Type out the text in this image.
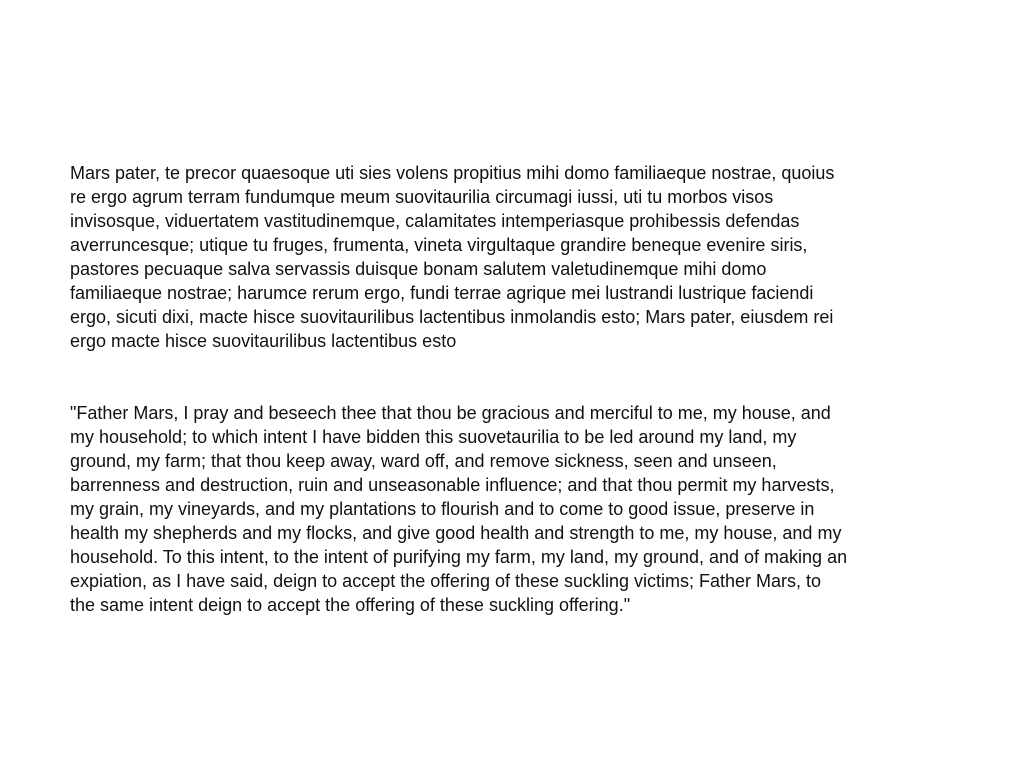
Mars pater, te precor quaesoque uti sies volens propitius mihi domo familiaeque nostrae, quoius
re ergo agrum terram fundumque meum suovitaurilia circumagi iussi, uti tu morbos visos
invisosque, viduertatem vastitudinemque, calamitates intemperiasque prohibessis defendas
averruncesque; utique tu fruges, frumenta, vineta virgultaque grandire beneque evenire siris,
pastores pecuaque salva servassis duisque bonam salutem valetudinemque mihi domo
familiaeque nostrae; harumce rerum ergo, fundi terrae agrique mei lustrandi lustrique faciendi
ergo, sicuti dixi, macte hisce suovitaurilibus lactentibus inmolandis esto; Mars pater, eiusdem rei
ergo macte hisce suovitaurilibus lactentibus esto

"Father Mars, I pray and beseech thee that thou be gracious and merciful to me, my house, and
my household; to which intent I have bidden this suovetaurilia to be led around my land, my
ground, my farm; that thou keep away, ward off, and remove sickness, seen and unseen,
barrenness and destruction, ruin and unseasonable influence; and that thou permit my harvests,
my grain, my vineyards, and my plantations to flourish and to come to good issue, preserve in
health my shepherds and my flocks, and give good health and strength to me, my house, and my
household. To this intent, to the intent of purifying my farm, my land, my ground, and of making an
expiation, as I have said, deign to accept the offering of these suckling victims; Father Mars, to
the same intent deign to accept the offering of these suckling offering."
